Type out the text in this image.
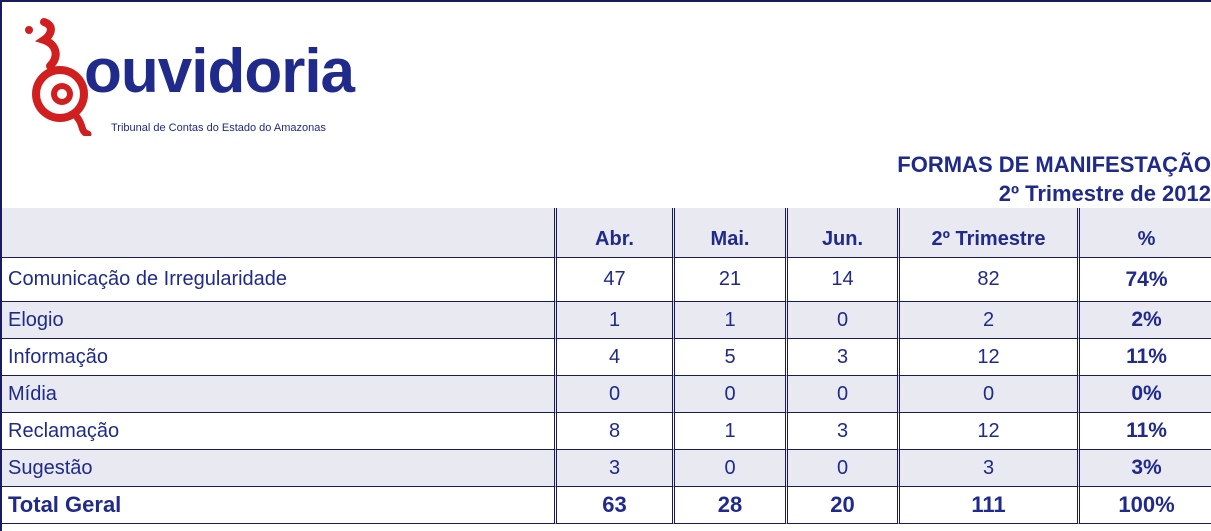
ouvidoria
Tribunal de Contas do Estado do Amazonas
FORMAS DE MANIFESTAÇÃO
2º Trimestre de 2012
	Abr.	Mai.	Jun.	2º Trimestre	%
Comunicação de Irregularidade	47	21	14	82	74%
Elogio	1	1	0	2	2%
Informação	4	5	3	12	11%
Mídia	0	0	0	0	0%
Reclamação	8	1	3	12	11%
Sugestão	3	0	0	3	3%
Total Geral	63	28	20	111	100%
